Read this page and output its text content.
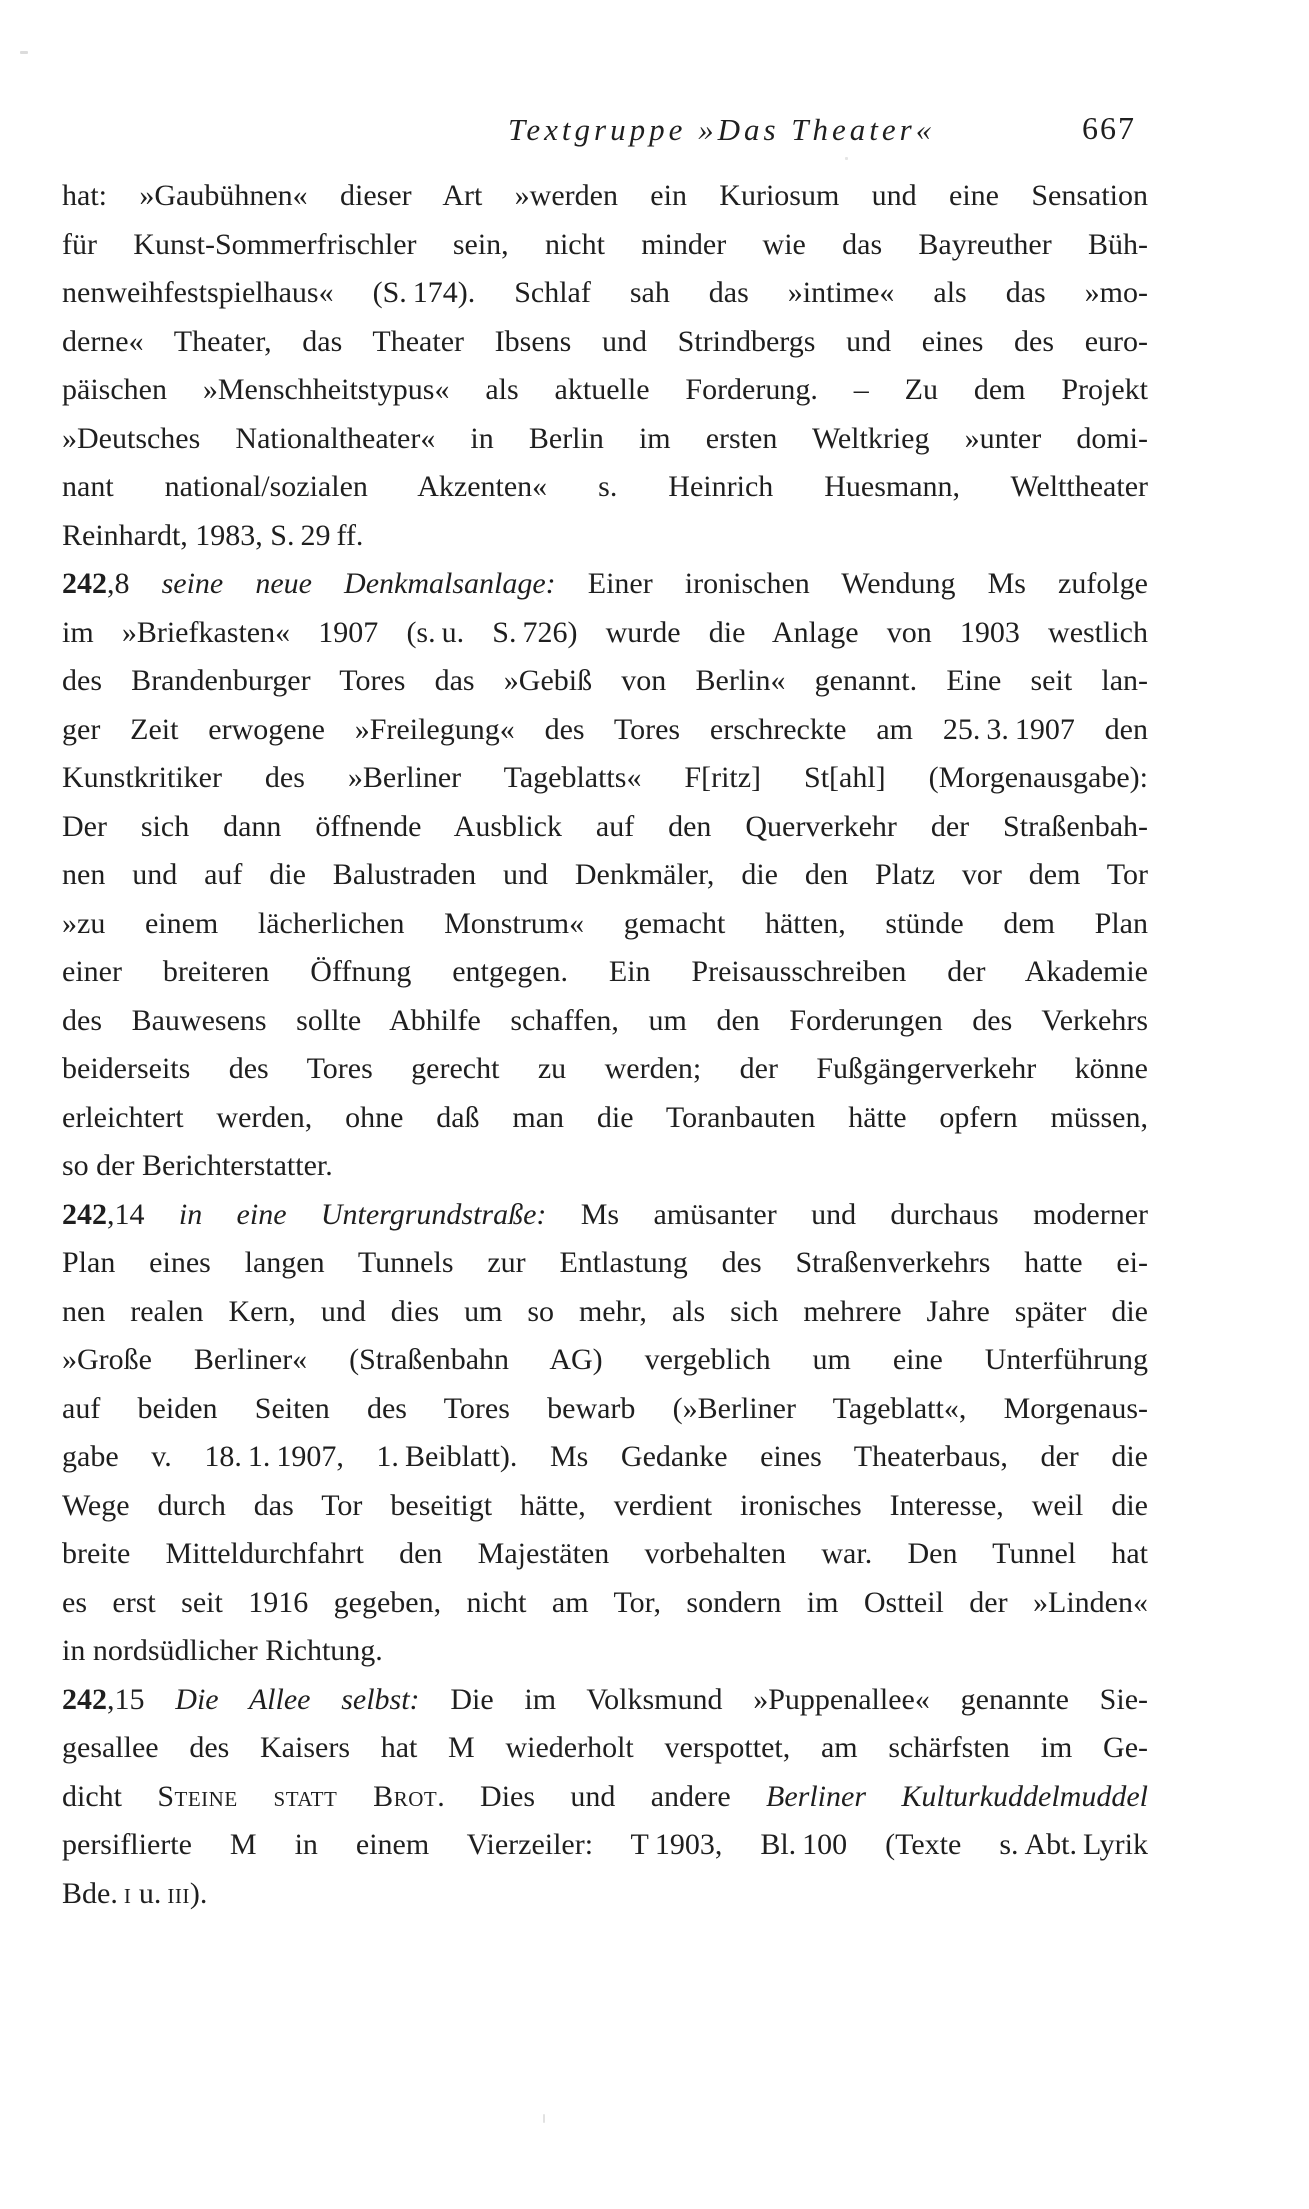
Textgruppe »Das Theater«	667
hat: »Gaubühnen« dieser Art »werden ein Kuriosum und eine Sensation
für Kunst-Sommerfrischler sein, nicht minder wie das Bayreuther Büh-
nenweihfestspielhaus« (S. 174). Schlaf sah das »intime« als das »mo-
derne« Theater, das Theater Ibsens und Strindbergs und eines des euro-
päischen »Menschheitstypus« als aktuelle Forderung. – Zu dem Projekt
»Deutsches Nationaltheater« in Berlin im ersten Weltkrieg »unter domi-
nant national/sozialen Akzenten« s. Heinrich Huesmann, Welttheater
Reinhardt, 1983, S. 29 ff.
242,8 seine neue Denkmalsanlage: Einer ironischen Wendung Ms zufolge
im »Briefkasten« 1907 (s. u. S. 726) wurde die Anlage von 1903 westlich
des Brandenburger Tores das »Gebiß von Berlin« genannt. Eine seit lan-
ger Zeit erwogene »Freilegung« des Tores erschreckte am 25. 3. 1907 den
Kunstkritiker des »Berliner Tageblatts« F[ritz] St[ahl] (Morgenausgabe):
Der sich dann öffnende Ausblick auf den Querverkehr der Straßenbah-
nen und auf die Balustraden und Denkmäler, die den Platz vor dem Tor
»zu einem lächerlichen Monstrum« gemacht hätten, stünde dem Plan
einer breiteren Öffnung entgegen. Ein Preisausschreiben der Akademie
des Bauwesens sollte Abhilfe schaffen, um den Forderungen des Verkehrs
beiderseits des Tores gerecht zu werden; der Fußgängerverkehr könne
erleichtert werden, ohne daß man die Toranbauten hätte opfern müssen,
so der Berichterstatter.
242,14 in eine Untergrundstraße: Ms amüsanter und durchaus moderner
Plan eines langen Tunnels zur Entlastung des Straßenverkehrs hatte ei-
nen realen Kern, und dies um so mehr, als sich mehrere Jahre später die
»Große Berliner« (Straßenbahn AG) vergeblich um eine Unterführung
auf beiden Seiten des Tores bewarb (»Berliner Tageblatt«, Morgenaus-
gabe v. 18. 1. 1907, 1. Beiblatt). Ms Gedanke eines Theaterbaus, der die
Wege durch das Tor beseitigt hätte, verdient ironisches Interesse, weil die
breite Mitteldurchfahrt den Majestäten vorbehalten war. Den Tunnel hat
es erst seit 1916 gegeben, nicht am Tor, sondern im Ostteil der »Linden«
in nordsüdlicher Richtung.
242,15 Die Allee selbst: Die im Volksmund »Puppenallee« genannte Sie-
gesallee des Kaisers hat M wiederholt verspottet, am schärfsten im Ge-
dicht Steine statt Brot. Dies und andere Berliner Kulturkuddelmuddel
persiflierte M in einem Vierzeiler: T 1903, Bl. 100 (Texte s. Abt. Lyrik
Bde. i u. iii).
